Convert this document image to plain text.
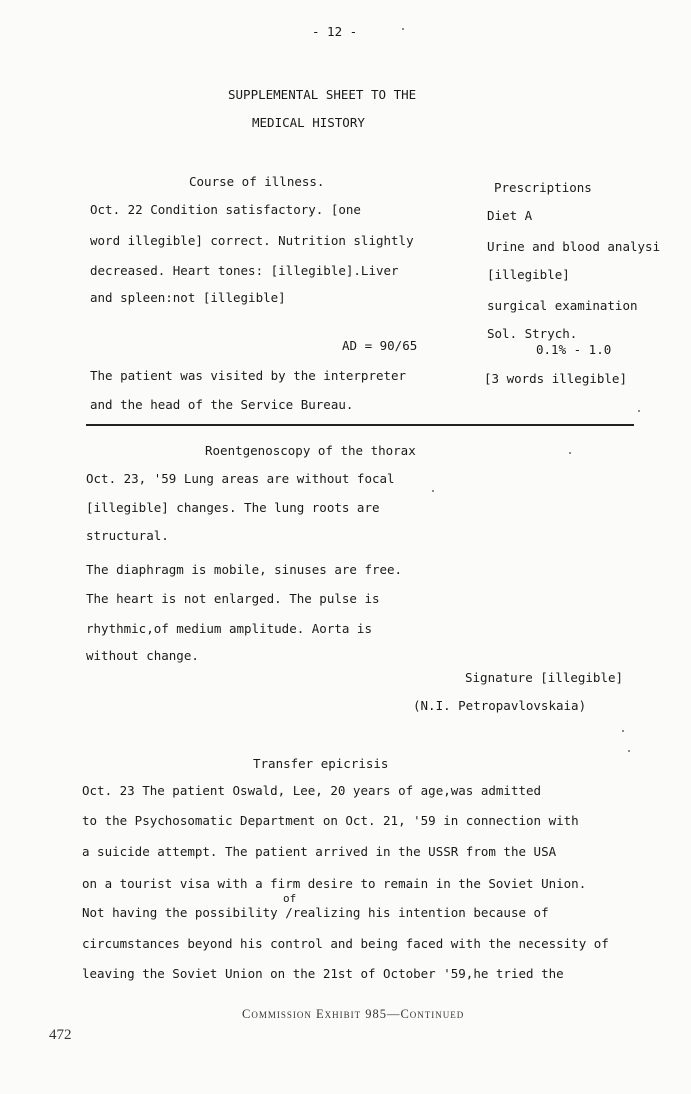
- 12 -
SUPPLEMENTAL SHEET TO THE
MEDICAL HISTORY
Course of illness.
Oct. 22 Condition satisfactory. [one
word illegible] correct. Nutrition slightly
decreased. Heart tones: [illegible].Liver
and spleen:not [illegible]
AD = 90/65
The patient was visited by the interpreter
and the head of the Service Bureau.
Prescriptions
Diet A
Urine and blood analysi
[illegible]
surgical examination
Sol. Strych.
0.1% - 1.0
[3 words illegible]
Roentgenoscopy of the thorax
Oct. 23, '59 Lung areas are without focal
[illegible] changes. The lung roots are
structural.
The diaphragm is mobile, sinuses are free.
The heart is not enlarged. The pulse is
rhythmic,of medium amplitude. Aorta is
without change.
Signature [illegible]
(N.I. Petropavlovskaia)
Transfer epicrisis
Oct. 23 The patient Oswald, Lee, 20 years of age,was admitted
to the Psychosomatic Department on Oct. 21, '59 in connection with
a suicide attempt. The patient arrived in the USSR from the USA
on a tourist visa with a firm desire to remain in the Soviet Union.
of
Not having the possibility /realizing his intention because of
circumstances beyond his control and being faced with the necessity of
leaving the Soviet Union on the 21st of October '59,he tried the
Commission Exhibit 985—Continued
472
